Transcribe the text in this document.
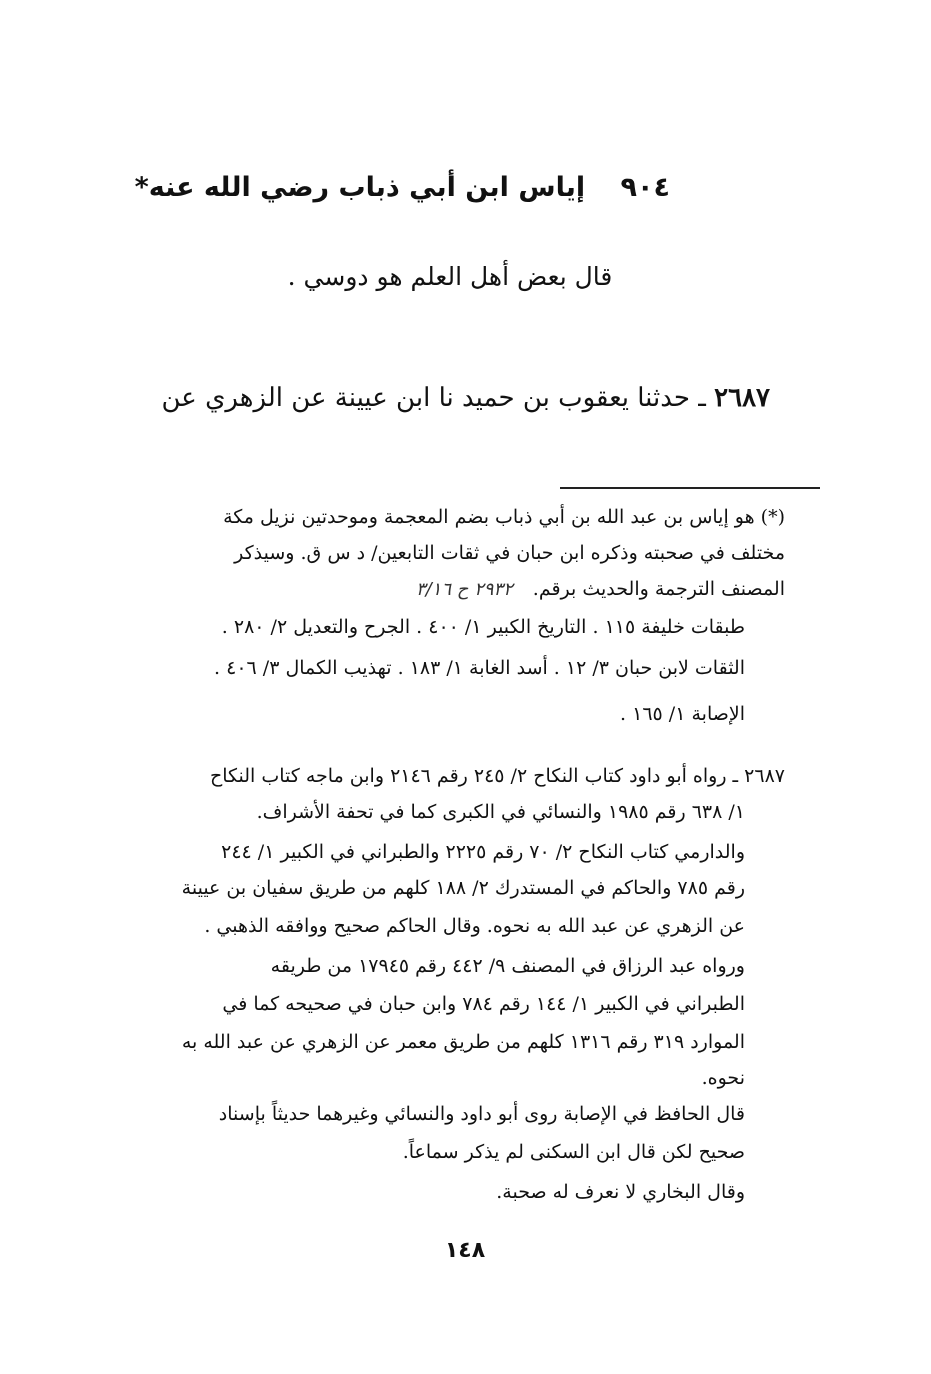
٩٠٤ إياس ابن أبي ذباب رضي الله عنه*
قال بعض أهل العلم هو دوسي .
٢٦٨٧ ـ حدثنا يعقوب بن حميد نا ابن عيينة عن الزهري عن
(*) هو إياس بن عبد الله بن أبي ذباب بضم المعجمة وموحدتين نزيل مكة
مختلف في صحبته وذكره ابن حبان في ثقات التابعين/ د س ق. وسيذكر
المصنف الترجمة والحديث برقم. ٢٩٣٢ ح ٣/١٦
طبقات خليفة ١١٥ . التاريخ الكبير ١/ ٤٠٠ . الجرح والتعديل ٢/ ٢٨٠ .
الثقات لابن حبان ٣/ ١٢ . أسد الغابة ١/ ١٨٣ . تهذيب الكمال ٣/ ٤٠٦ .
الإصابة ١/ ١٦٥ .
٢٦٨٧ ـ رواه أبو داود كتاب النكاح ٢/ ٢٤٥ رقم ٢١٤٦ وابن ماجه كتاب النكاح
١/ ٦٣٨ رقم ١٩٨٥ والنسائي في الكبرى كما في تحفة الأشراف.
والدارمي كتاب النكاح ٢/ ٧٠ رقم ٢٢٢٥ والطبراني في الكبير ١/ ٢٤٤
رقم ٧٨٥ والحاكم في المستدرك ٢/ ١٨٨ كلهم من طريق سفيان بن عيينة
عن الزهري عن عبد الله به نحوه. وقال الحاكم صحيح ووافقه الذهبي .
ورواه عبد الرزاق في المصنف ٩/ ٤٤٢ رقم ١٧٩٤٥ من طريقه
الطبراني في الكبير ١/ ١٤٤ رقم ٧٨٤ وابن حبان في صحيحه كما في
الموارد ٣١٩ رقم ١٣١٦ كلهم من طريق معمر عن الزهري عن عبد الله به
نحوه.
قال الحافظ في الإصابة روى أبو داود والنسائي وغيرهما حديثاً بإسناد
صحيح لكن قال ابن السكنى لم يذكر سماعاً.
وقال البخاري لا نعرف له صحبة.
١٤٨
